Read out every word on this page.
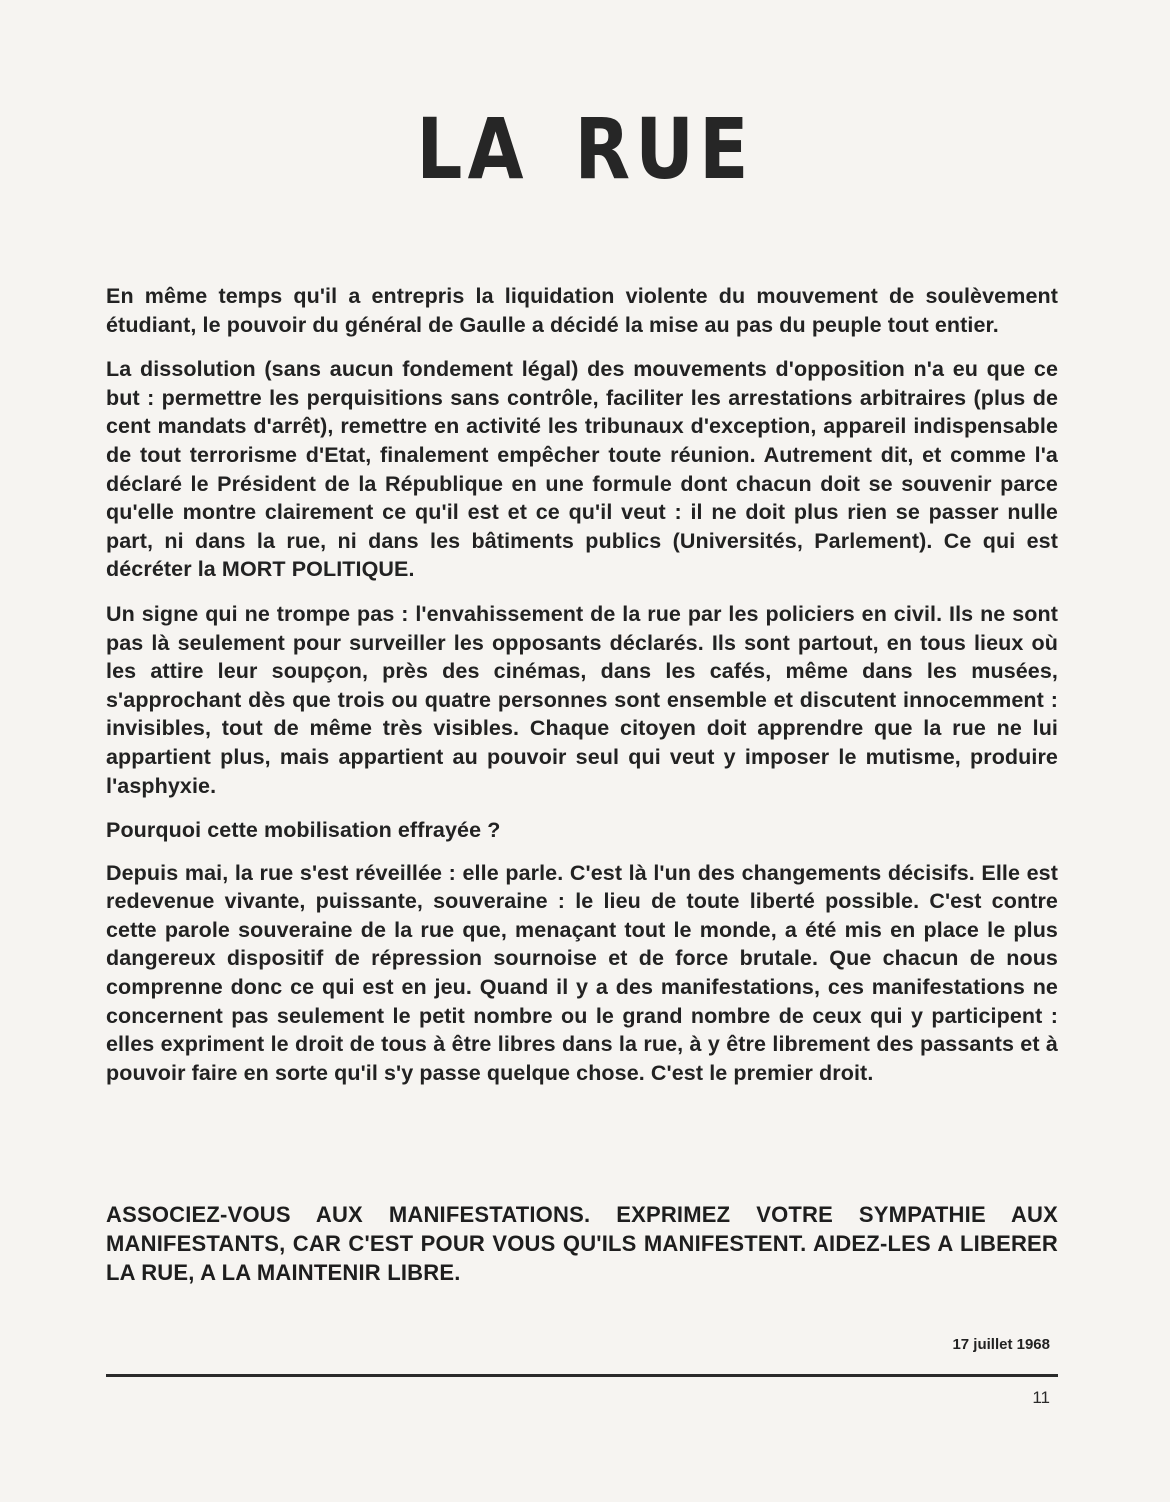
LA RUE

En même temps qu'il a entrepris la liquidation violente du mouvement de soulèvement étudiant, le pouvoir du général de Gaulle a décidé la mise au pas du peuple tout entier.

La dissolution (sans aucun fondement légal) des mouvements d'opposition n'a eu que ce but : permettre les perquisitions sans contrôle, faciliter les arrestations arbitraires (plus de cent mandats d'arrêt), remettre en activité les tribunaux d'exception, appareil indispensable de tout terrorisme d'Etat, finalement empêcher toute réunion. Autrement dit, et comme l'a déclaré le Président de la République en une formule dont chacun doit se souvenir parce qu'elle montre clairement ce qu'il est et ce qu'il veut : il ne doit plus rien se passer nulle part, ni dans la rue, ni dans les bâtiments publics (Universités, Parlement). Ce qui est décréter la MORT POLITIQUE.

Un signe qui ne trompe pas : l'envahissement de la rue par les policiers en civil. Ils ne sont pas là seulement pour surveiller les opposants déclarés. Ils sont partout, en tous lieux où les attire leur soupçon, près des cinémas, dans les cafés, même dans les musées, s'approchant dès que trois ou quatre personnes sont ensemble et discutent innocemment : invisibles, tout de même très visibles. Chaque citoyen doit apprendre que la rue ne lui appartient plus, mais appartient au pouvoir seul qui veut y imposer le mutisme, produire l'asphyxie.

Pourquoi cette mobilisation effrayée ?

Depuis mai, la rue s'est réveillée : elle parle. C'est là l'un des changements décisifs. Elle est redevenue vivante, puissante, souveraine : le lieu de toute liberté possible. C'est contre cette parole souveraine de la rue que, menaçant tout le monde, a été mis en place le plus dangereux dispositif de répression sournoise et de force brutale. Que chacun de nous comprenne donc ce qui est en jeu. Quand il y a des manifestations, ces manifestations ne concernent pas seulement le petit nombre ou le grand nombre de ceux qui y participent : elles expriment le droit de tous à être libres dans la rue, à y être librement des passants et à pouvoir faire en sorte qu'il s'y passe quelque chose. C'est le premier droit.

ASSOCIEZ-VOUS AUX MANIFESTATIONS. EXPRIMEZ VOTRE SYMPATHIE AUX MANIFESTANTS, CAR C'EST POUR VOUS QU'ILS MANIFESTENT. AIDEZ-LES A LIBERER LA RUE, A LA MAINTENIR LIBRE.

17 juillet 1968
11
